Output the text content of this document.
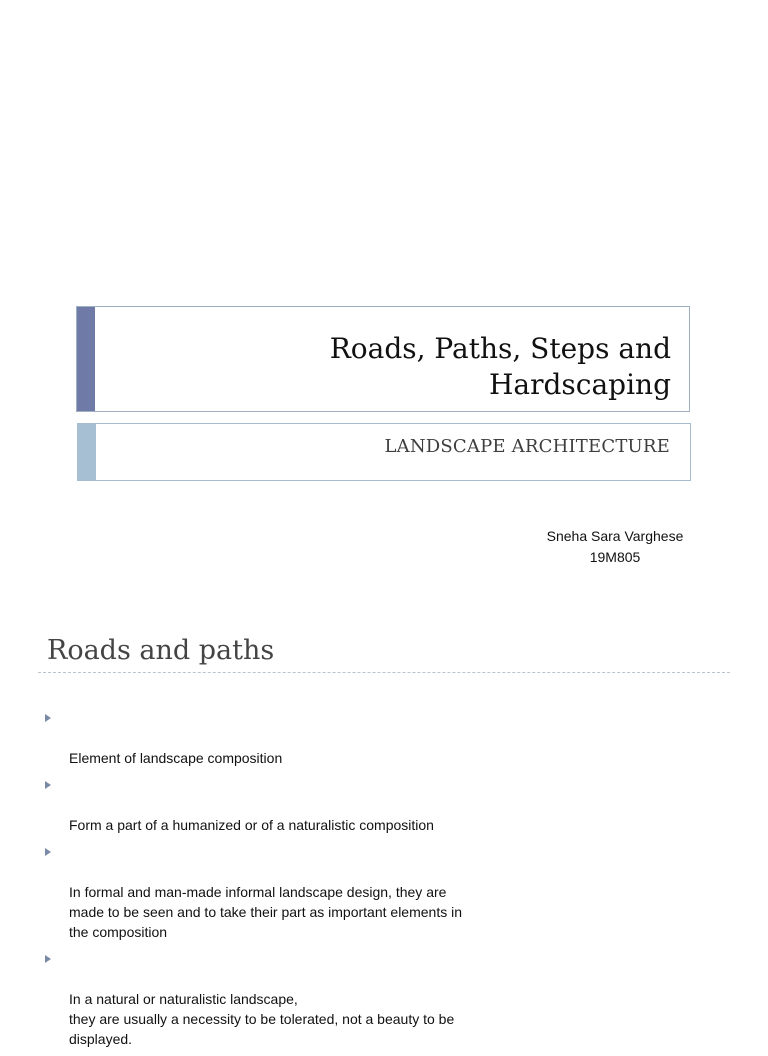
Roads, Paths, Steps and Hardscaping
LANDSCAPE ARCHITECTURE
Sneha Sara Varghese
19M805
Roads and paths

Element of landscape composition

Form a part of a humanized or of a naturalistic composition

In formal and man-made informal landscape design, they are made to be seen and to take their part as important elements in the composition

In a natural or naturalistic landscape,
they are usually a necessity to be tolerated, not a beauty to be displayed.
